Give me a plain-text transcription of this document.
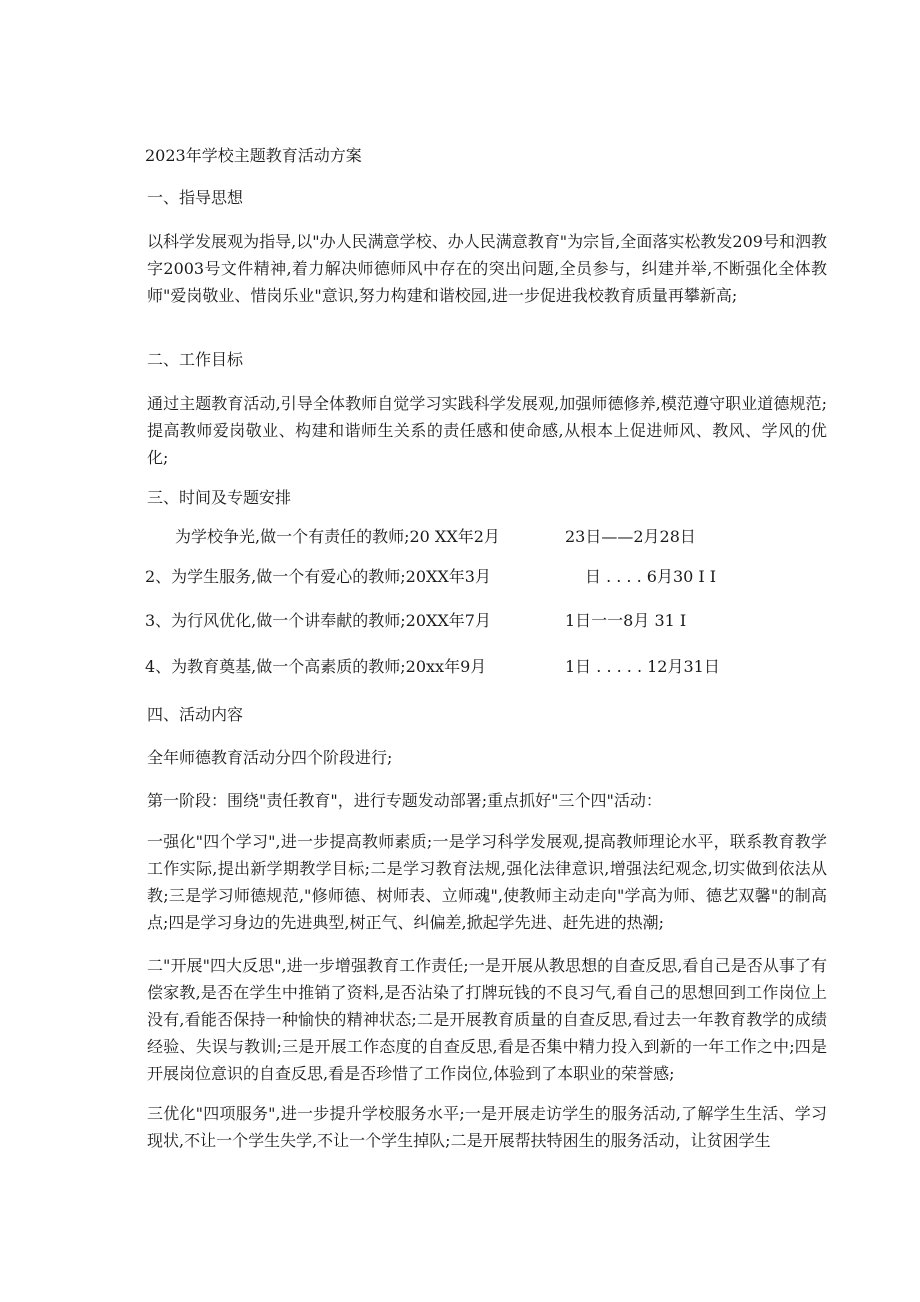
2023年学校主题教育活动方案
一、指导思想
以科学发展观为指导,以"办人民满意学校、办人民满意教育"为宗旨,全面落实松教发209号和泗教字2003号文件精神,着力解决师德师风中存在的突出问题,全员参与，纠建并举,不断强化全体教师"爱岗敬业、惜岗乐业"意识,努力构建和谐校园,进一步促进我校教育质量再攀新高;
二、工作目标
通过主题教育活动,引导全体教师自觉学习实践科学发展观,加强师德修养,模范遵守职业道德规范;提高教师爱岗敬业、构建和谐师生关系的责任感和使命感,从根本上促进师风、教风、学风的优化;
三、时间及专题安排
为学校争光,做一个有责任的教师;20 XX年2月	23日——2月28日
2、为学生服务,做一个有爱心的教师;20XX年3月	日 . . . . 6月30 I I
3、为行风优化,做一个讲奉献的教师;20XX年7月	1日一一8月 31 I
4、为教育奠基,做一个高素质的教师;20xx年9月	1日 . . . . . 12月31日
四、活动内容
全年师德教育活动分四个阶段进行;
第一阶段：围绕"责任教育"，进行专题发动部署;重点抓好"三个四"活动：
一强化"四个学习",进一步提高教师素质;一是学习科学发展观,提高教师理论水平，联系教育教学工作实际,提出新学期教学目标;二是学习教育法规,强化法律意识,增强法纪观念,切实做到依法从教;三是学习师德规范,"修师德、树师表、立师魂",使教师主动走向"学高为师、德艺双馨"的制高点;四是学习身边的先进典型,树正气、纠偏差,掀起学先进、赶先进的热潮;
二"开展"四大反思",进一步增强教育工作责任;一是开展从教思想的自查反思,看自己是否从事了有偿家教,是否在学生中推销了资料,是否沾染了打牌玩钱的不良习气,看自己的思想回到工作岗位上没有,看能否保持一种愉快的精神状态;二是开展教育质量的自查反思,看过去一年教育教学的成绩经验、失误与教训;三是开展工作态度的自查反思,看是否集中精力投入到新的一年工作之中;四是开展岗位意识的自查反思,看是否珍惜了工作岗位,体验到了本职业的荣誉感;
三优化"四项服务",进一步提升学校服务水平;一是开展走访学生的服务活动,了解学生生活、学习现状,不让一个学生失学,不让一个学生掉队;二是开展帮扶特困生的服务活动，让贫困学生
